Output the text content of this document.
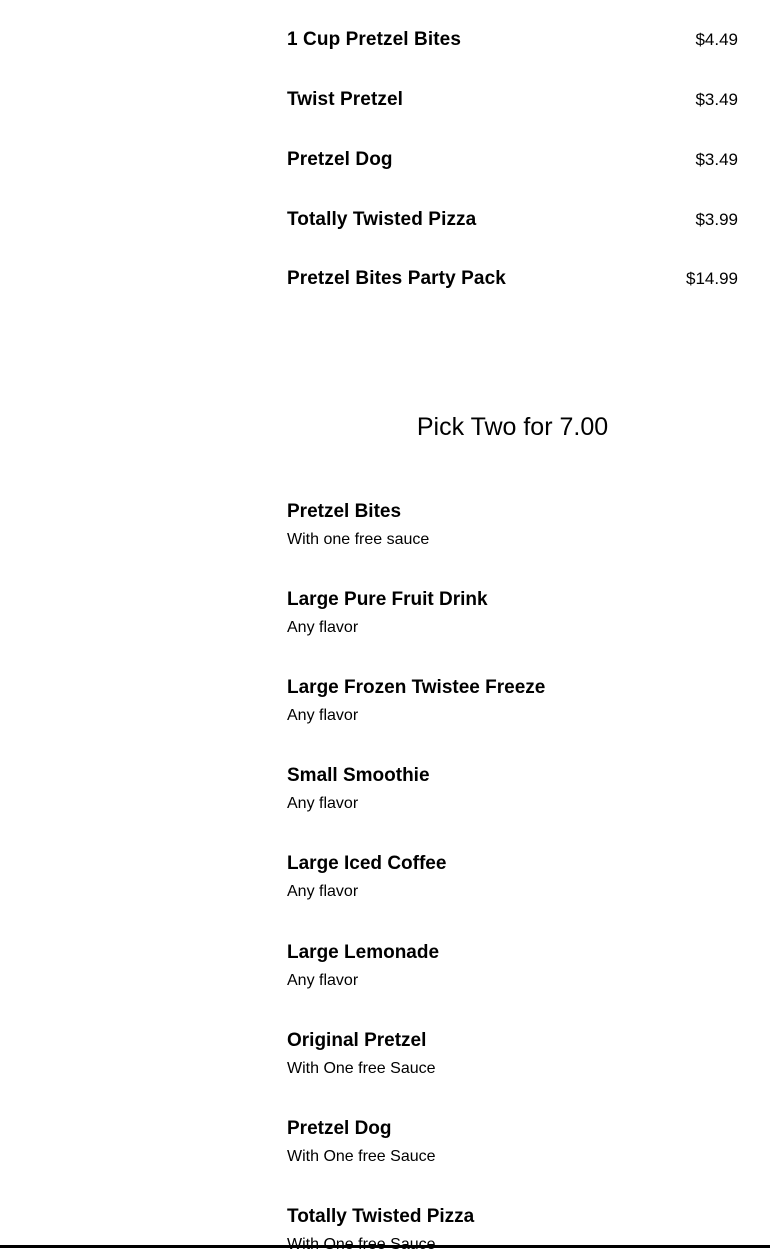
1 Cup Pretzel Bites	$4.49
Twist Pretzel	$3.49
Pretzel Dog	$3.49
Totally Twisted Pizza	$3.99
Pretzel Bites Party Pack	$14.99
Pick Two for 7.00
Pretzel Bites
With one free sauce
Large Pure Fruit Drink
Any flavor
Large Frozen Twistee Freeze
Any flavor
Small Smoothie
Any flavor
Large Iced Coffee
Any flavor
Large Lemonade
Any flavor
Original Pretzel
With One free Sauce
Pretzel Dog
With One free Sauce
Totally Twisted Pizza
